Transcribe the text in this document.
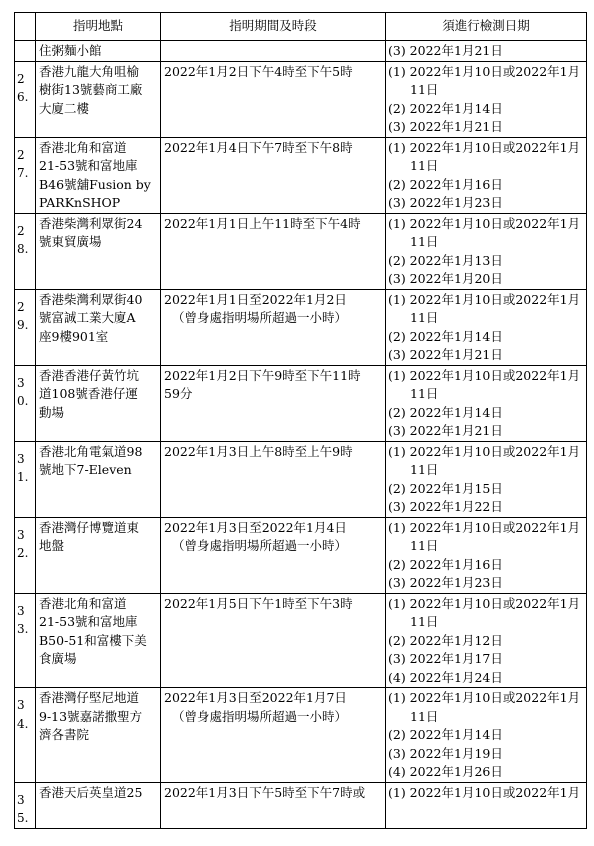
	指明地點	指明期間及時段	須進行檢測日期

	住粥麵小館		(3) 2022年1月21日

26.	香港九龍大角咀榆
樹街13號藝商工廠
大廈二樓	2022年1月2日下午4時至下午5時	(1) 2022年1月10日或2022年1月
11日
(2) 2022年1月14日
(3) 2022年1月21日

27.	香港北角和富道
21-53號和富地庫
B46號舖Fusion by
PARKnSHOP	2022年1月4日下午7時至下午8時	(1) 2022年1月10日或2022年1月
11日
(2) 2022年1月16日
(3) 2022年1月23日

28.	香港柴灣利眾街24
號東貿廣場	2022年1月1日上午11時至下午4時	(1) 2022年1月10日或2022年1月
11日
(2) 2022年1月13日
(3) 2022年1月20日

29.	香港柴灣利眾街40
號富誠工業大廈A
座9樓901室	2022年1月1日至2022年1月2日
（曾身處指明場所超過一小時）	(1) 2022年1月10日或2022年1月
11日
(2) 2022年1月14日
(3) 2022年1月21日

30.	香港香港仔黃竹坑
道108號香港仔運
動場	2022年1月2日下午9時至下午11時
59分	(1) 2022年1月10日或2022年1月
11日
(2) 2022年1月14日
(3) 2022年1月21日

31.	香港北角電氣道98
號地下7-Eleven	2022年1月3日上午8時至上午9時	(1) 2022年1月10日或2022年1月
11日
(2) 2022年1月15日
(3) 2022年1月22日

32.	香港灣仔博覽道東
地盤	2022年1月3日至2022年1月4日
（曾身處指明場所超過一小時）	(1) 2022年1月10日或2022年1月
11日
(2) 2022年1月16日
(3) 2022年1月23日

33.	香港北角和富道
21-53號和富地庫
B50-51和富樓下美
食廣場	2022年1月5日下午1時至下午3時	(1) 2022年1月10日或2022年1月
11日
(2) 2022年1月12日
(3) 2022年1月17日
(4) 2022年1月24日

34.	香港灣仔堅尼地道
9-13號嘉諾撒聖方
濟各書院	2022年1月3日至2022年1月7日
（曾身處指明場所超過一小時）	(1) 2022年1月10日或2022年1月
11日
(2) 2022年1月14日
(3) 2022年1月19日
(4) 2022年1月26日

35.	香港天后英皇道25	2022年1月3日下午5時至下午7時或	(1) 2022年1月10日或2022年1月
